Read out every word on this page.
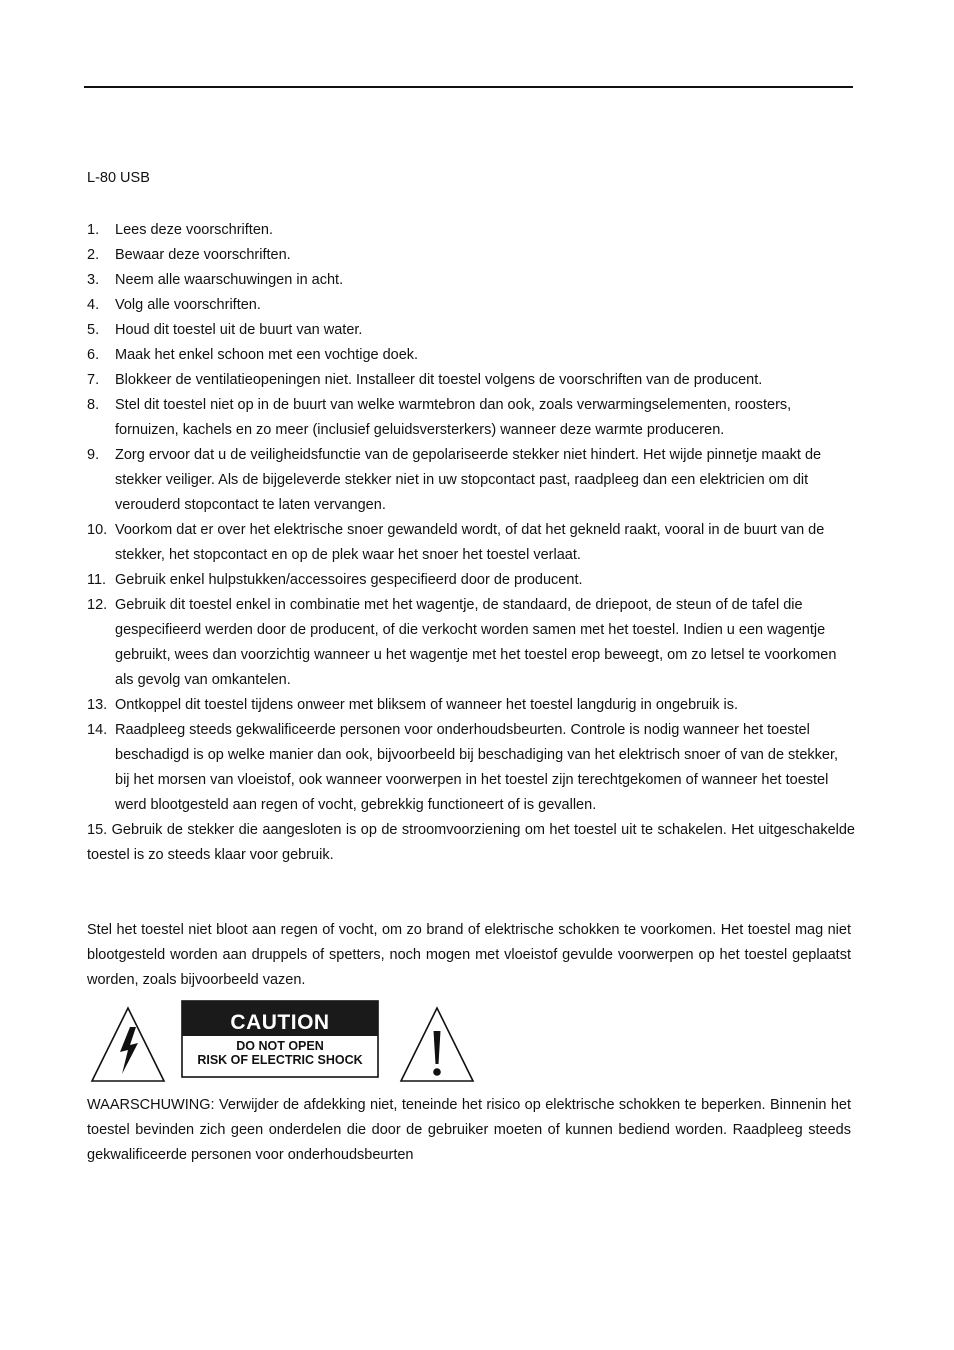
L-80 USB
1. Lees deze voorschriften.
2. Bewaar deze voorschriften.
3. Neem alle waarschuwingen in acht.
4. Volg alle voorschriften.
5. Houd dit toestel uit de buurt van water.
6. Maak het enkel schoon met een vochtige doek.
7. Blokkeer de ventilatieopeningen niet. Installeer dit toestel volgens de voorschriften van de producent.
8. Stel dit toestel niet op in de buurt van welke warmtebron dan ook, zoals verwarmingselementen, roosters, fornuizen, kachels en zo meer (inclusief geluidsversterkers) wanneer deze warmte produceren.
9. Zorg ervoor dat u de veiligheidsfunctie van de gepolariseerde stekker niet hindert. Het wijde pinnetje maakt de stekker veiliger. Als de bijgeleverde stekker niet in uw stopcontact past, raadpleeg dan een elektricien om dit verouderd stopcontact te laten vervangen.
10. Voorkom dat er over het elektrische snoer gewandeld wordt, of dat het gekneld raakt, vooral in de buurt van de stekker, het stopcontact en op de plek waar het snoer het toestel verlaat.
11. Gebruik enkel hulpstukken/accessoires gespecifieerd door de producent.
12. Gebruik dit toestel enkel in combinatie met het wagentje, de standaard, de driepoot, de steun of de tafel die gespecifieerd werden door de producent, of die verkocht worden samen met het toestel. Indien u een wagentje gebruikt, wees dan voorzichtig wanneer u het wagentje met het toestel erop beweegt, om zo letsel te voorkomen als gevolg van omkantelen.
13. Ontkoppel dit toestel tijdens onweer met bliksem of wanneer het toestel langdurig in ongebruik is.
14. Raadpleeg steeds gekwalificeerde personen voor onderhoudsbeurten. Controle is nodig wanneer het toestel beschadigd is op welke manier dan ook, bijvoorbeeld bij beschadiging van het elektrisch snoer of van de stekker, bij het morsen van vloeistof, ook wanneer voorwerpen in het toestel zijn terechtgekomen of wanneer het toestel werd blootgesteld aan regen of vocht, gebrekkig functioneert of is gevallen.
15. Gebruik de stekker die aangesloten is op de stroomvoorziening om het toestel uit te schakelen. Het uitgeschakelde toestel is zo steeds klaar voor gebruik.

Stel het toestel niet bloot aan regen of vocht, om zo brand of elektrische schokken te voorkomen. Het toestel mag niet blootgesteld worden aan druppels of spetters, noch mogen met vloeistof gevulde voorwerpen op het toestel geplaatst worden, zoals bijvoorbeeld vazen.

CAUTION
DO NOT OPEN
RISK OF ELECTRIC SHOCK

WAARSCHUWING: Verwijder de afdekking niet, teneinde het risico op elektrische schokken te beperken. Binnenin het toestel bevinden zich geen onderdelen die door de gebruiker moeten of kunnen bediend worden. Raadpleeg steeds gekwalificeerde personen voor onderhoudsbeurten
